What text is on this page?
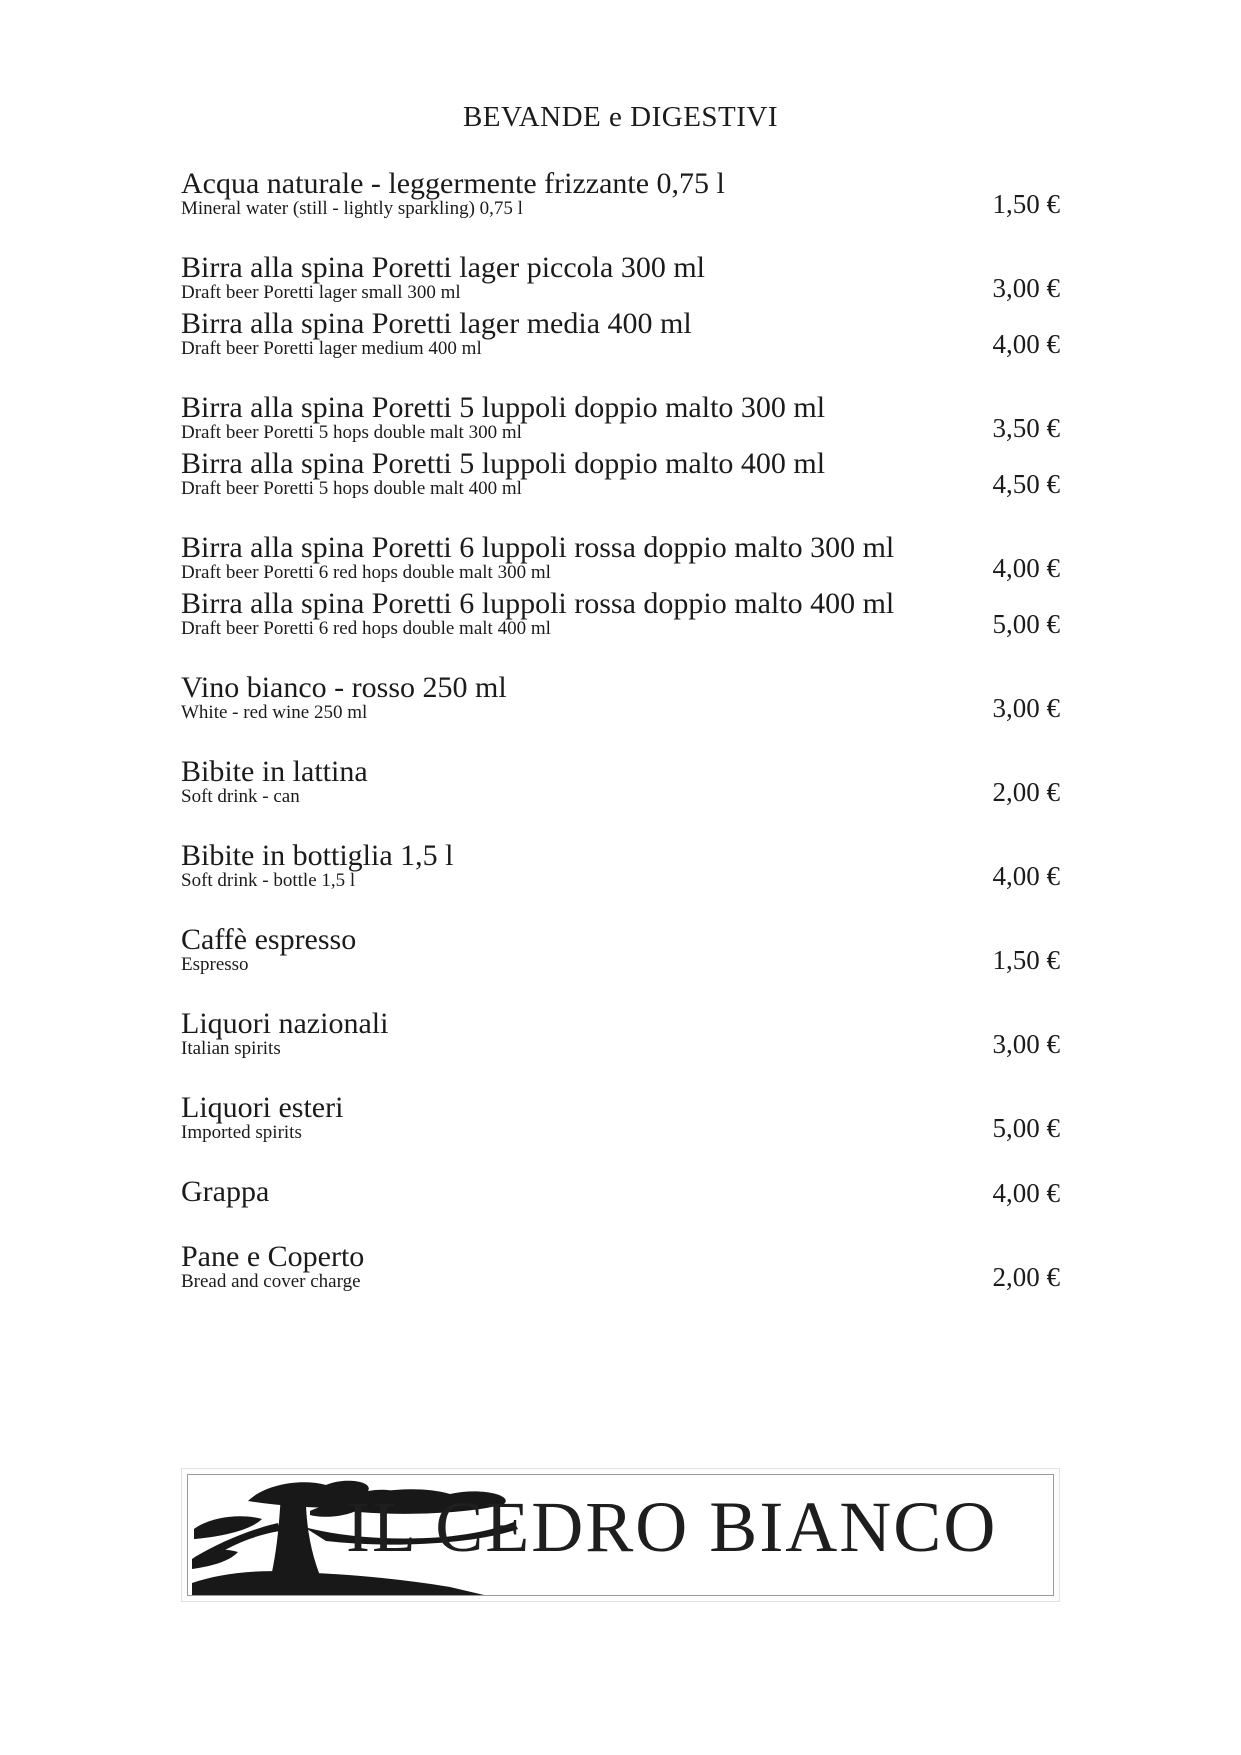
BEVANDE e DIGESTIVI
Acqua naturale - leggermente frizzante 0,75 l
Mineral water (still - lightly sparkling) 0,75 l	1,50 €
Birra alla spina Poretti lager piccola 300 ml
Draft beer Poretti lager small 300 ml	3,00 €
Birra alla spina Poretti lager media 400 ml
Draft beer Poretti lager medium 400 ml	4,00 €
Birra alla spina Poretti 5 luppoli doppio malto 300 ml
Draft beer Poretti 5 hops double malt 300 ml	3,50 €
Birra alla spina Poretti 5 luppoli doppio malto 400 ml
Draft beer Poretti 5 hops double malt 400 ml	4,50 €
Birra alla spina Poretti 6 luppoli rossa doppio malto 300 ml
Draft beer Poretti 6 red hops double malt 300 ml	4,00 €
Birra alla spina Poretti 6 luppoli rossa doppio malto 400 ml
Draft beer Poretti 6 red hops double malt 400 ml	5,00 €
Vino bianco - rosso 250 ml
White - red wine 250 ml	3,00 €
Bibite in lattina
Soft drink - can	2,00 €
Bibite in bottiglia 1,5 l
Soft drink - bottle 1,5 l	4,00 €
Caffè espresso
Espresso	1,50 €
Liquori nazionali
Italian spirits	3,00 €
Liquori esteri
Imported spirits	5,00 €
Grappa	4,00 €
Pane e Coperto
Bread and cover charge	2,00 €
IL CEDRO BIANCO
